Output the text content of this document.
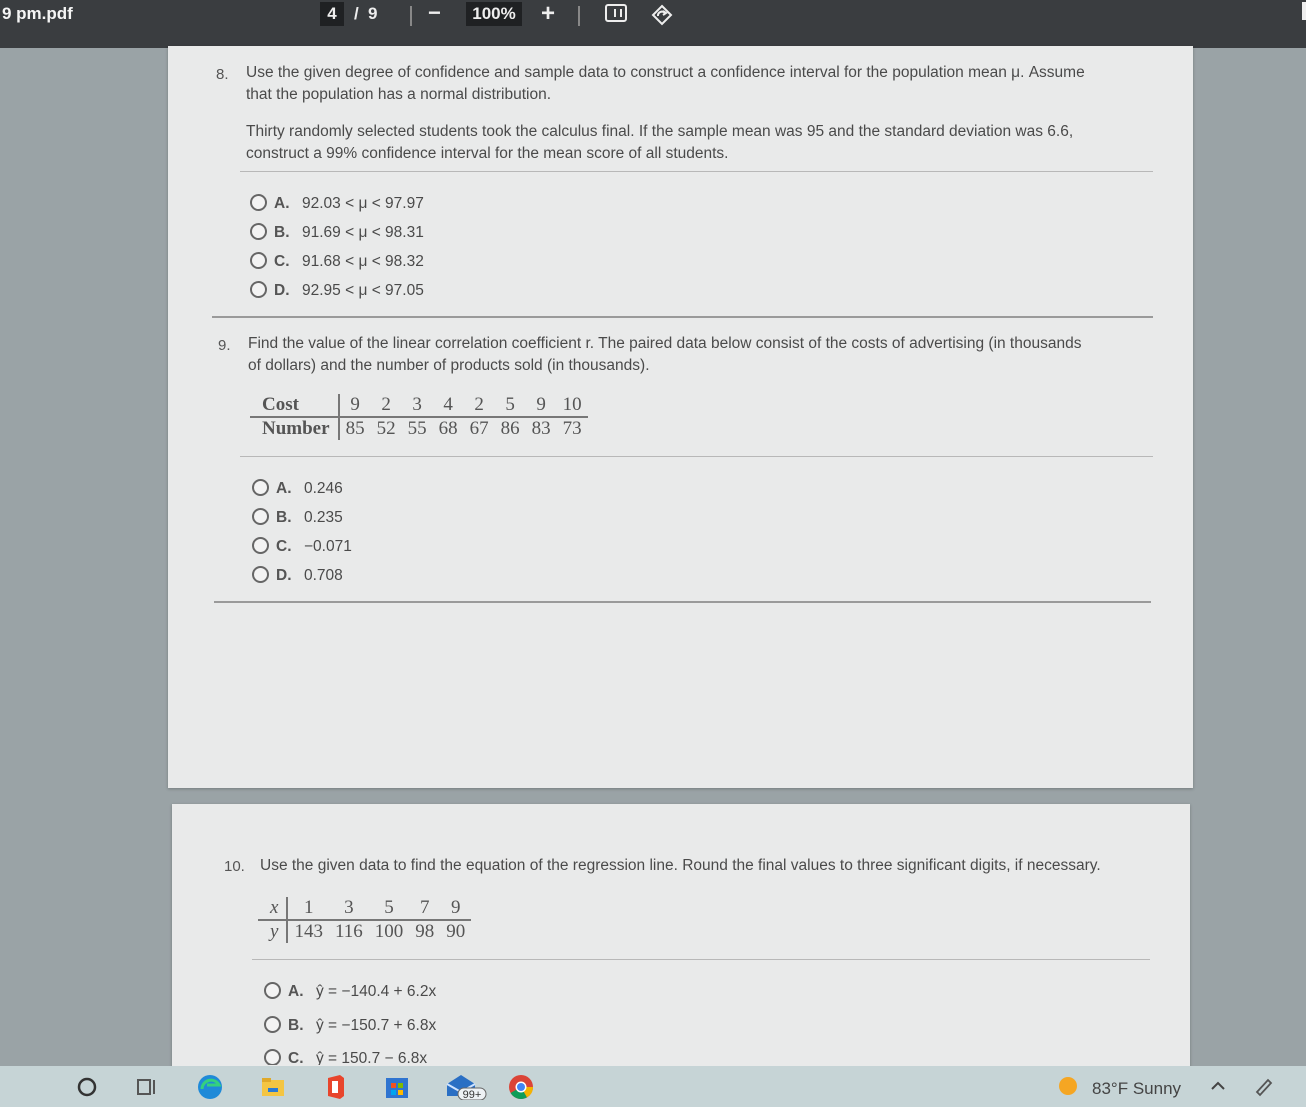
9 pm.pdf	4	/ 9 −	100% +
8. Use the given degree of confidence and sample data to construct a confidence interval for the population mean μ. Assume
that the population has a normal distribution.
Thirty randomly selected students took the calculus final. If the sample mean was 95 and the standard deviation was 6.6,
construct a 99% confidence interval for the mean score of all students.
A. 92.03 < μ < 97.97
B. 91.69 < μ < 98.31
C. 91.68 < μ < 98.32
D. 92.95 < μ < 97.05
9. Find the value of the linear correlation coefficient r. The paired data below consist of the costs of advertising (in thousands
of dollars) and the number of products sold (in thousands).
Cost	9	2	3	4	2	5	9	10
Number	85	52	55	68	67	86	83	73
A. 0.246
B. 0.235
C. −0.071
D. 0.708
10. Use the given data to find the equation of the regression line. Round the final values to three significant digits, if necessary.
x	1	3	5	7	9
y	143	116	100	98	90
A. ŷ = −140.4 + 6.2x
B. ŷ = −150.7 + 6.8x
C. ŷ = 150.7 − 6.8x
99+	83°F Sunny
